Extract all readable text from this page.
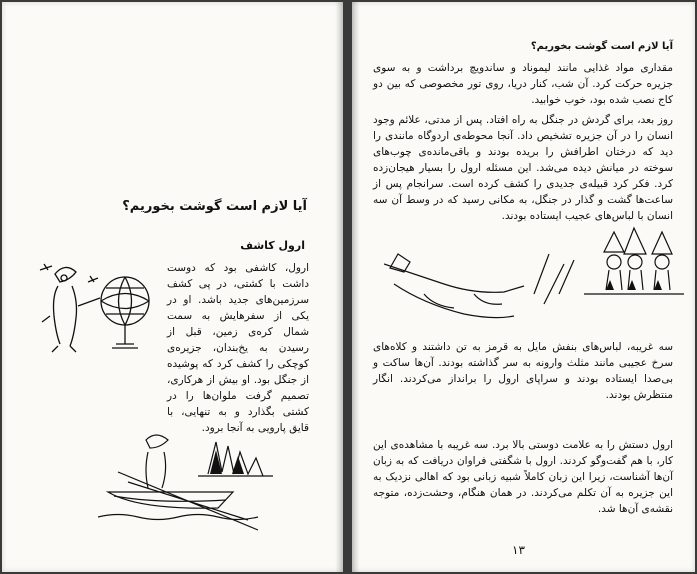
آیا لازم است گوشت بخوریم؟
ارول کاشف

ارول، کاشفی بود که دوست داشت با کشتی، در پی کشف سرزمین‌های جدید باشد. او در یکی از سفرهایش به سمت شمال کره‌ی زمین، قبل از رسیدن به یخ‌بندان، جزیره‌ی کوچکی را کشف کرد که پوشیده از جنگل بود. او بیش از هرکاری، تصمیم گرفت ملوان‌ها را در کشتی بگذارد و به تنهایی، با قایق پارویی به آنجا برود.

آیا لازم است گوشت بخوریم؟

مقداری مواد غذایی مانند لیموناد و ساندویچ برداشت و به سوی جزیره حرکت کرد. آن شب، کنار دریا، روی تور مخصوصی که بین دو کاج نصب شده بود، خوب خوابید.

روز بعد، برای گردش در جنگل به راه افتاد. پس از مدتی، علائم وجود انسان را در آن جزیره تشخیص داد. آنجا محوطه‌ی اردوگاه مانندی را دید که درختان اطرافش را بریده بودند و باقی‌مانده‌ی چوب‌های سوخته در میانش دیده می‌شد. این مسئله ارول را بسیار هیجان‌زده کرد. فکر کرد قبیله‌ی جدیدی را کشف کرده است. سرانجام پس از ساعت‌ها گشت و گذار در جنگل، به مکانی رسید که در وسط آن سه انسان با لباس‌های عجیب ایستاده بودند.

سه غریبه، لباس‌های بنفش مایل به قرمز به تن داشتند و کلاه‌های سرخ عجیبی مانند مثلث وارونه به سر گذاشته بودند. آن‌ها ساکت و بی‌صدا ایستاده بودند و سراپای ارول را برانداز می‌کردند. انگار منتظرش بودند.

ارول دستش را به علامت دوستی بالا برد. سه غریبه با مشاهده‌ی این کار، با هم گفت‌وگو کردند. ارول با شگفتی فراوان دریافت که به زبان آن‌ها آشناست، زیرا این زبان کاملاً شبیه زبانی بود که اهالی نزدیک به این جزیره به آن تکلم می‌کردند. در همان هنگام، وحشت‌زده، متوجه نقشه‌ی آن‌ها شد.

۱۳
